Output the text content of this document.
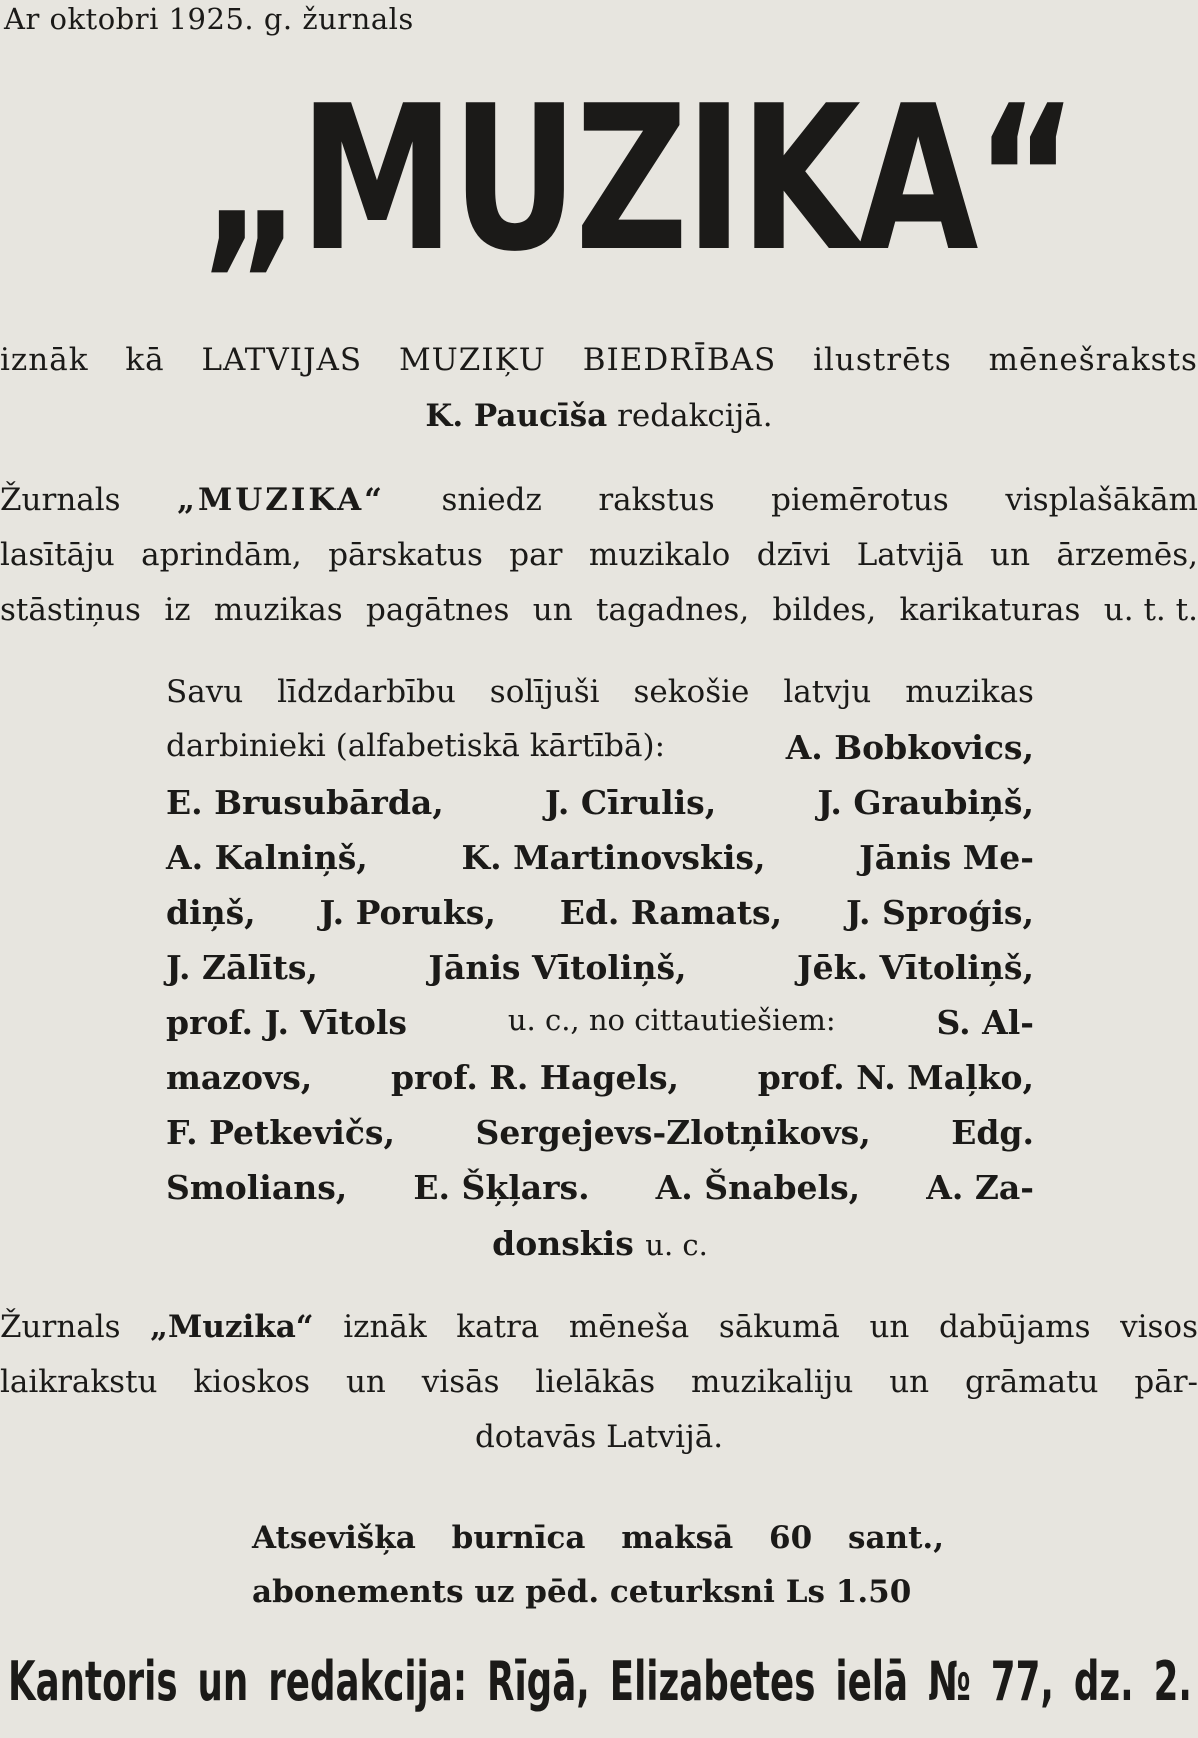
Ar oktobri 1925. g. žurnals
„MUZIKA“
iznāk kā LATVIJAS MUZIĶU BIEDRĪBAS ilustrēts mēnešraksts
K. Paucīša redakcijā.
Žurnals „MUZIKA“ sniedz rakstus piemērotus visplašākām
lasītāju aprindām, pārskatus par muzikalo dzīvi Latvijā un ārzemēs,
stāstiņus iz muzikas pagātnes un tagadnes, bildes, karikaturas u. t. t.
Savu līdzdarbību solījuši sekošie latvju muzikas
darbinieki (alfabetiskā kārtībā):	A. Bobkovics,
E. Brusubārda,	J. Cīrulis,	J. Graubiņš,
A. Kalniņš,	K. Martinovskis,	Jānis Me-
diņš, J. Poruks, Ed. Ramats, J. Sproģis,
J. Zālīts,	Jānis Vītoliņš,	Jēk. Vītoliņš,
prof. J. Vītols	u. c., no cittautiešiem:	S. Al-
mazovs, prof. R. Hagels, prof. N. Maļko,
F. Petkevičs, Sergejevs-Zlotņikovs, Edg.
Smolians, E. Šķļars. A. Šnabels, A. Za-
donskis u. c.
Žurnals „Muzika“ iznāk katra mēneša sākumā un dabūjams visos
laikrakstu kioskos un visās lielākās muzikaliju un grāmatu pār-
dotavās Latvijā.
Atsevišķa burnīca maksā 60 sant.,
abonements uz pēd. ceturksni Ls 1.50
Kantoris un redakcija: Rīgā, Elizabetes ielā № 77, dz. 2.
